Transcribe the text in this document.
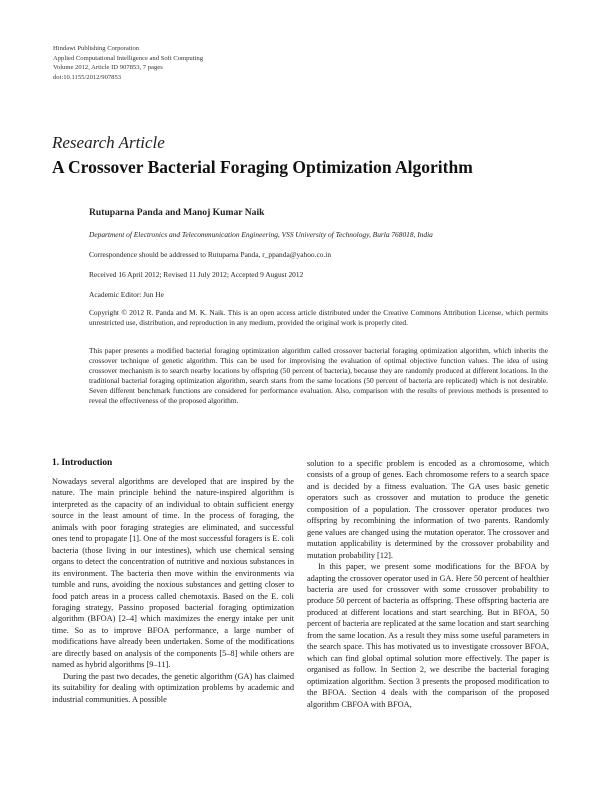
Hindawi Publishing Corporation
Applied Computational Intelligence and Soft Computing
Volume 2012, Article ID 907853, 7 pages
doi:10.1155/2012/907853
Research Article
A Crossover Bacterial Foraging Optimization Algorithm
Rutuparna Panda and Manoj Kumar Naik
Department of Electronics and Telecommunication Engineering, VSS University of Technology, Burla 768018, India
Correspondence should be addressed to Rutuparna Panda, r_ppanda@yahoo.co.in
Received 16 April 2012; Revised 11 July 2012; Accepted 9 August 2012
Academic Editor: Jun He
Copyright © 2012 R. Panda and M. K. Naik. This is an open access article distributed under the Creative Commons Attribution License, which permits unrestricted use, distribution, and reproduction in any medium, provided the original work is properly cited.
This paper presents a modified bacterial foraging optimization algorithm called crossover bacterial foraging optimization algorithm, which inherits the crossover technique of genetic algorithm. This can be used for improvising the evaluation of optimal objective function values. The idea of using crossover mechanism is to search nearby locations by offspring (50 percent of bacteria), because they are randomly produced at different locations. In the traditional bacterial foraging optimization algorithm, search starts from the same locations (50 percent of bacteria are replicated) which is not desirable. Seven different benchmark functions are considered for performance evaluation. Also, comparison with the results of previous methods is presented to reveal the effectiveness of the proposed algorithm.
1. Introduction

Nowadays several algorithms are developed that are inspired by the nature. The main principle behind the nature-inspired algorithm is interpreted as the capacity of an individual to obtain sufficient energy source in the least amount of time. In the process of foraging, the animals with poor foraging strategies are eliminated, and successful ones tend to propagate [1]. One of the most successful foragers is E. coli bacteria (those living in our intestines), which use chemical sensing organs to detect the concentration of nutritive and noxious substances in its environment. The bacteria then move within the environments via tumble and runs, avoiding the noxious substances and getting closer to food patch areas in a process called chemotaxis. Based on the E. coli foraging strategy, Passino proposed bacterial foraging optimization algorithm (BFOA) [2–4] which maximizes the energy intake per unit time. So as to improve BFOA performance, a large number of modifications have already been undertaken. Some of the modifications are directly based on analysis of the components [5–8] while others are named as hybrid algorithms [9–11].

During the past two decades, the genetic algorithm (GA) has claimed its suitability for dealing with optimization problems by academic and industrial communities. A possible

solution to a specific problem is encoded as a chromosome, which consists of a group of genes. Each chromosome refers to a search space and is decided by a fitness evaluation. The GA uses basic genetic operators such as crossover and mutation to produce the genetic composition of a population. The crossover operator produces two offspring by recombining the information of two parents. Randomly gene values are changed using the mutation operator. The crossover and mutation applicability is determined by the crossover probability and mutation probability [12].

In this paper, we present some modifications for the BFOA by adapting the crossover operator used in GA. Here 50 percent of healthier bacteria are used for crossover with some crossover probability to produce 50 percent of bacteria as offspring. These offspring bacteria are produced at different locations and start searching. But in BFOA, 50 percent of bacteria are replicated at the same location and start searching from the same location. As a result they miss some useful parameters in the search space. This has motivated us to investigate crossover BFOA, which can find global optimal solution more effectively. The paper is organised as follow. In Section 2, we describe the bacterial foraging optimization algorithm. Section 3 presents the proposed modification to the BFOA. Section 4 deals with the comparison of the proposed algorithm CBFOA with BFOA,
